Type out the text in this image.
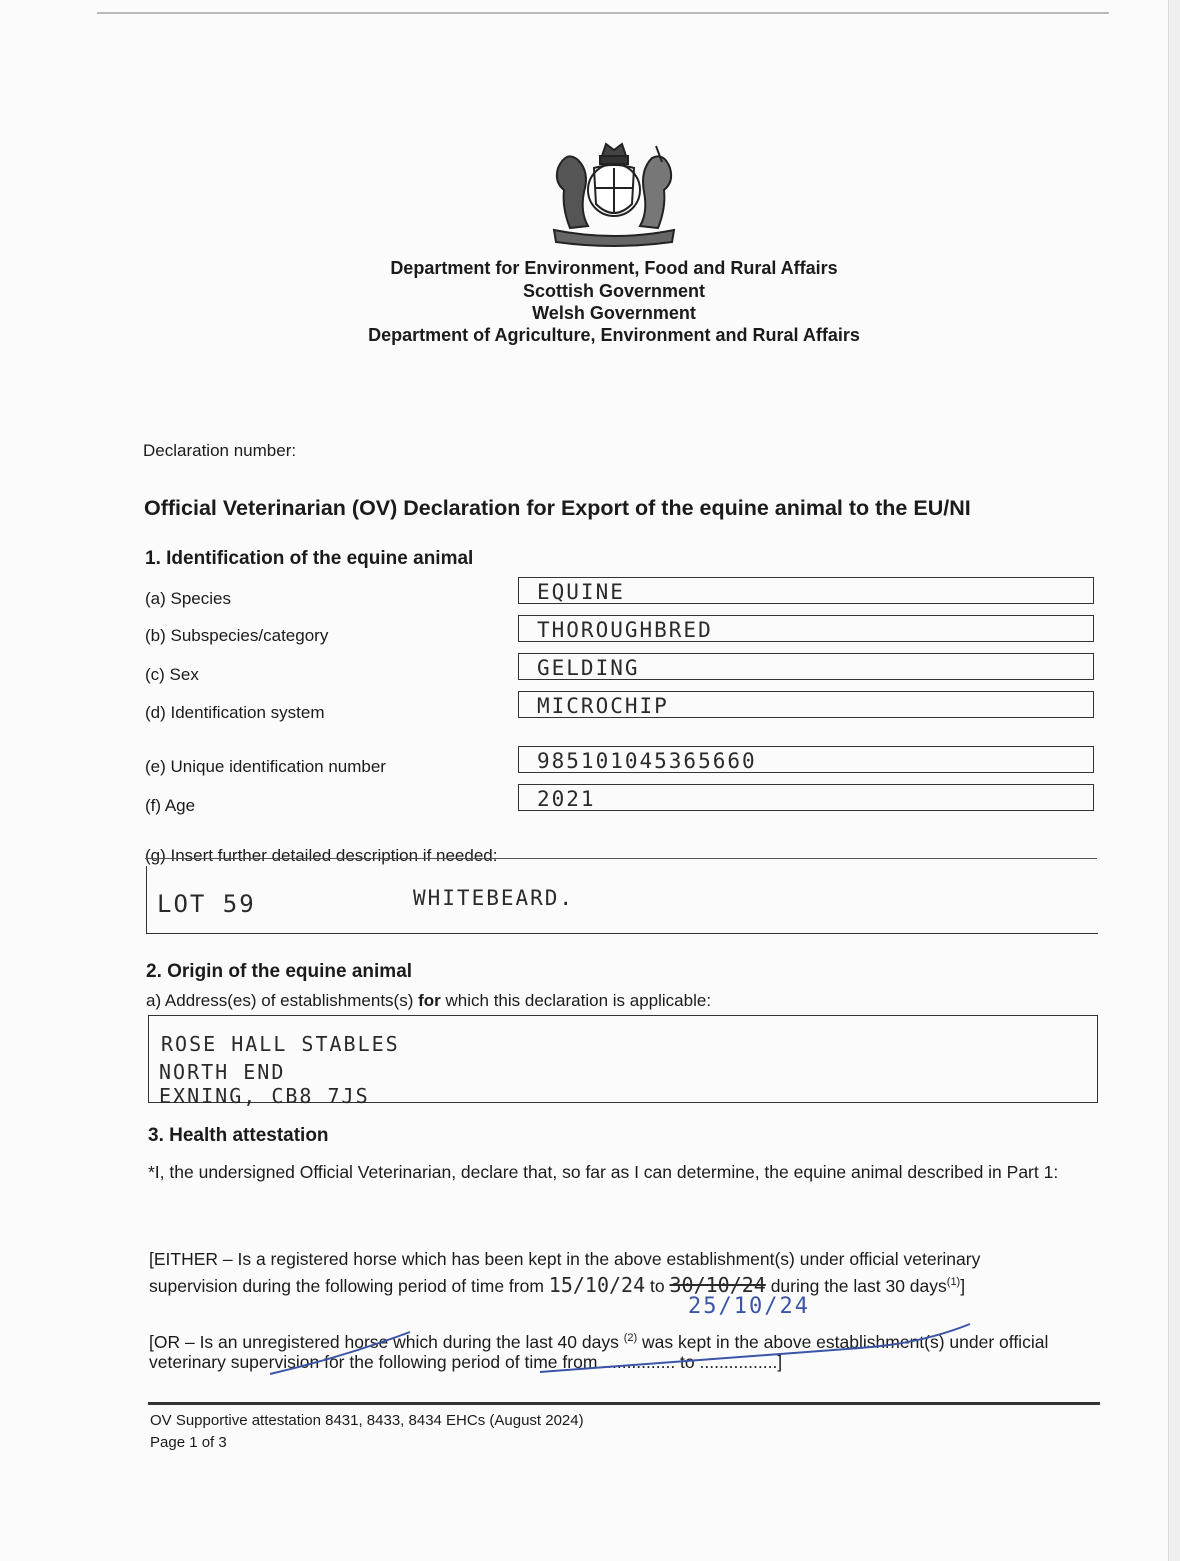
Department for Environment, Food and Rural Affairs
Scottish Government
Welsh Government
Department of Agriculture, Environment and Rural Affairs
Declaration number:
Official Veterinarian (OV) Declaration for Export of the equine animal to the EU/NI
1. Identification of the equine animal
(a) Species	EQUINE
(b) Subspecies/category	THOROUGHBRED
(c) Sex	GELDING
(d) Identification system	MICROCHIP
(e) Unique identification number	985101045365660
(f) Age	2021
(g) Insert further detailed description if needed:
LOT 59	WHITEBEARD.
2. Origin of the equine animal
a) Address(es) of establishments(s) for which this declaration is applicable:
ROSE HALL STABLES
NORTH END
EXNING, CB8 7JS
3. Health attestation
*I, the undersigned Official Veterinarian, declare that, so far as I can determine, the equine animal described in Part 1:
[EITHER – Is a registered horse which has been kept in the above establishment(s) under official veterinary
supervision during the following period of time from 15/10/24 to 30/10/24 during the last 30 days$^{(1)}$]
25/10/24
[OR – Is an unregistered horse which during the last 40 days $^{(2)}$ was kept in the above establishment(s) under official
veterinary supervision for the following period of time from ............... to ................]
OV Supportive attestation 8431, 8433, 8434 EHCs (August 2024)
Page 1 of 3
